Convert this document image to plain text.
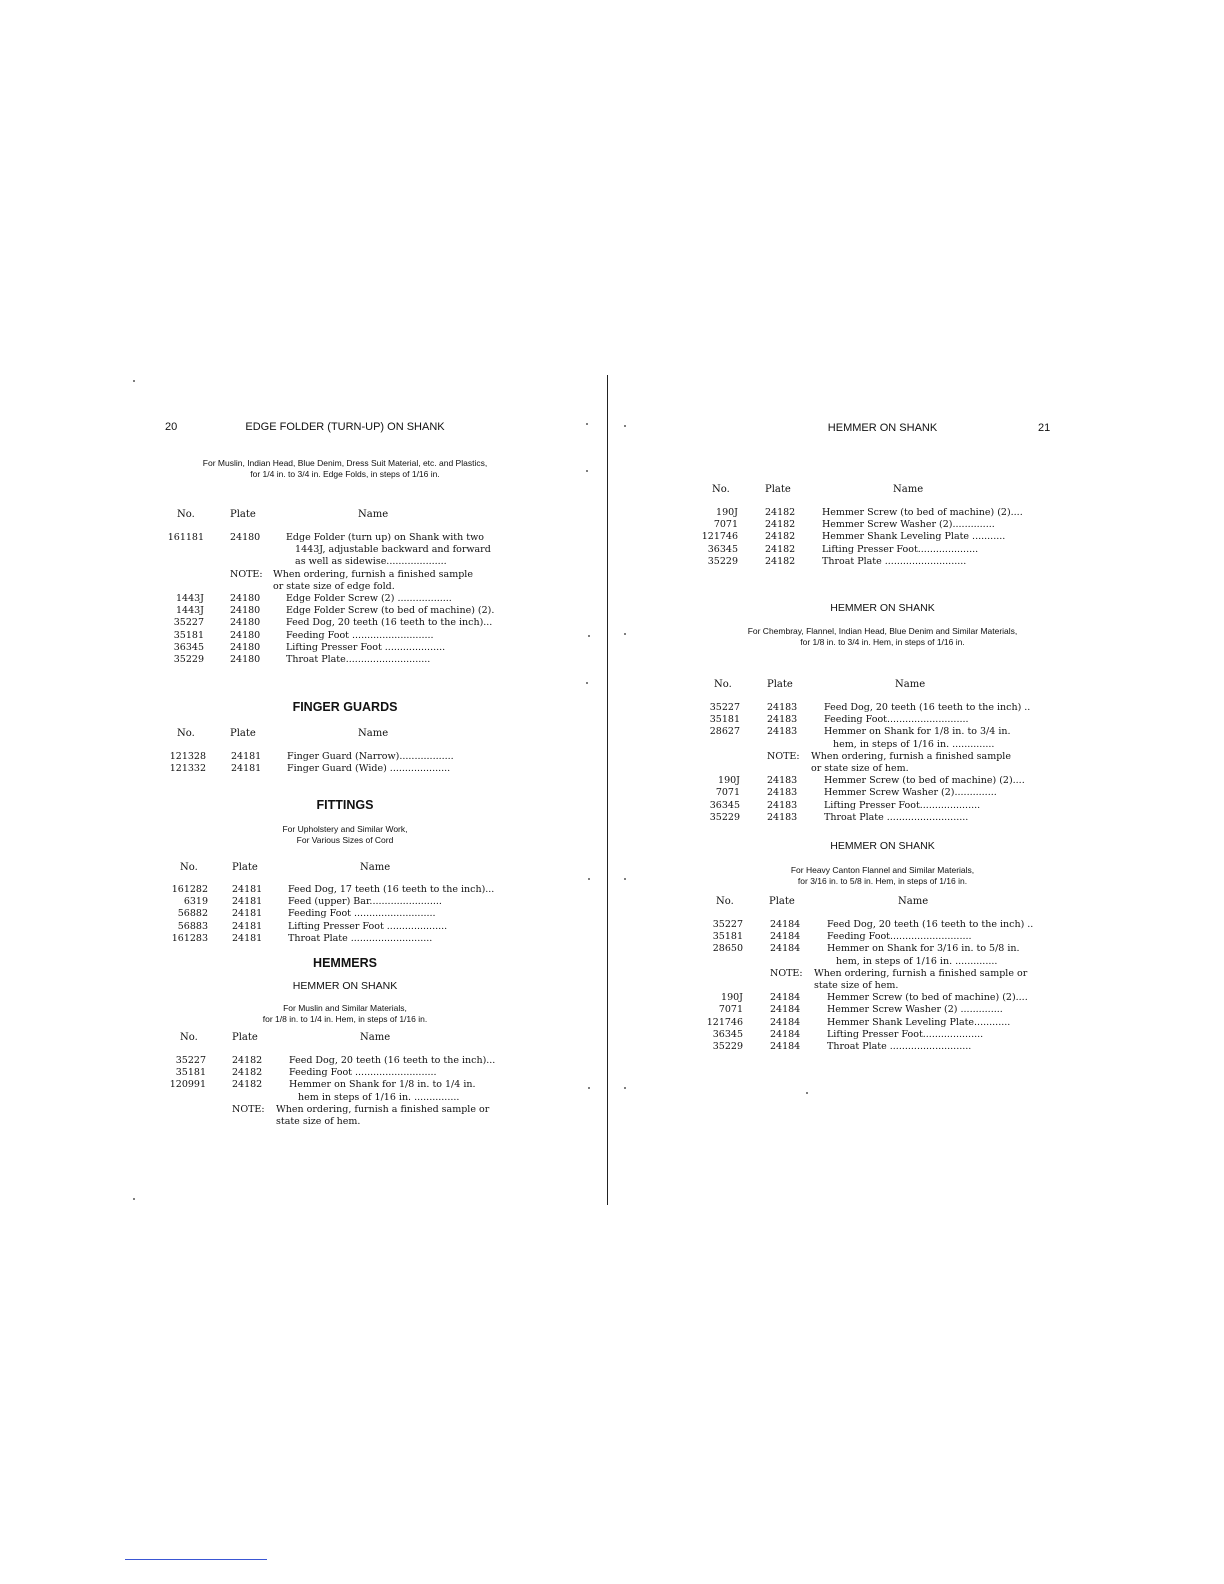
20	EDGE FOLDER (TURN-UP) ON SHANK
For Muslin, Indian Head, Blue Denim, Dress Suit Material, etc. and Plastics,
for 1/4 in. to 3/4 in. Edge Folds, in steps of 1/16 in.
No.	Plate	Name
161181	24180	Edge Folder (turn up) on Shank with two
1443J, adjustable backward and forward
as well as sidewise....................
NOTE: When ordering, furnish a finished sample
or state size of edge fold.
1443J	24180	Edge Folder Screw (2) ..................
1443J	24180	Edge Folder Screw (to bed of machine) (2).
35227	24180	Feed Dog, 20 teeth (16 teeth to the inch)...
35181	24180	Feeding Foot ...........................
36345	24180	Lifting Presser Foot ....................
35229	24180	Throat Plate............................
FINGER GUARDS
No.	Plate	Name
121328	24181	Finger Guard (Narrow)..................
121332	24181	Finger Guard (Wide) ....................
FITTINGS
For Upholstery and Similar Work,
For Various Sizes of Cord
No.	Plate	Name
161282	24181	Feed Dog, 17 teeth (16 teeth to the inch)...
6319	24181	Feed (upper) Bar........................
56882	24181	Feeding Foot ...........................
56883	24181	Lifting Presser Foot ....................
161283	24181	Throat Plate ...........................
HEMMERS
HEMMER ON SHANK
For Muslin and Similar Materials,
for 1/8 in. to 1/4 in. Hem, in steps of 1/16 in.
No.	Plate	Name
35227	24182	Feed Dog, 20 teeth (16 teeth to the inch)...
35181	24182	Feeding Foot ...........................
120991	24182	Hemmer on Shank for 1/8 in. to 1/4 in.
hem in steps of 1/16 in. ...............
NOTE: When ordering, furnish a finished sample or
state size of hem.
HEMMER ON SHANK	21
No.	Plate	Name
190J	24182	Hemmer Screw (to bed of machine) (2)....
7071	24182	Hemmer Screw Washer (2)..............
121746	24182	Hemmer Shank Leveling Plate ...........
36345	24182	Lifting Presser Foot....................
35229	24182	Throat Plate ...........................
HEMMER ON SHANK
For Chembray, Flannel, Indian Head, Blue Denim and Similar Materials,
for 1/8 in. to 3/4 in. Hem, in steps of 1/16 in.
No.	Plate	Name
35227	24183	Feed Dog, 20 teeth (16 teeth to the inch) ..
35181	24183	Feeding Foot...........................
28627	24183	Hemmer on Shank for 1/8 in. to 3/4 in.
hem, in steps of 1/16 in. ..............
NOTE: When ordering, furnish a finished sample
or state size of hem.
190J	24183	Hemmer Screw (to bed of machine) (2)....
7071	24183	Hemmer Screw Washer (2)..............
36345	24183	Lifting Presser Foot....................
35229	24183	Throat Plate ...........................
HEMMER ON SHANK
For Heavy Canton Flannel and Similar Materials,
for 3/16 in. to 5/8 in. Hem, in steps of 1/16 in.
No.	Plate	Name
35227	24184	Feed Dog, 20 teeth (16 teeth to the inch) ..
35181	24184	Feeding Foot...........................
28650	24184	Hemmer on Shank for 3/16 in. to 5/8 in.
hem, in steps of 1/16 in. ..............
NOTE: When ordering, furnish a finished sample or
state size of hem.
190J	24184	Hemmer Screw (to bed of machine) (2)....
7071	24184	Hemmer Screw Washer (2) ..............
121746	24184	Hemmer Shank Leveling Plate............
36345	24184	Lifting Presser Foot....................
35229	24184	Throat Plate ...........................
